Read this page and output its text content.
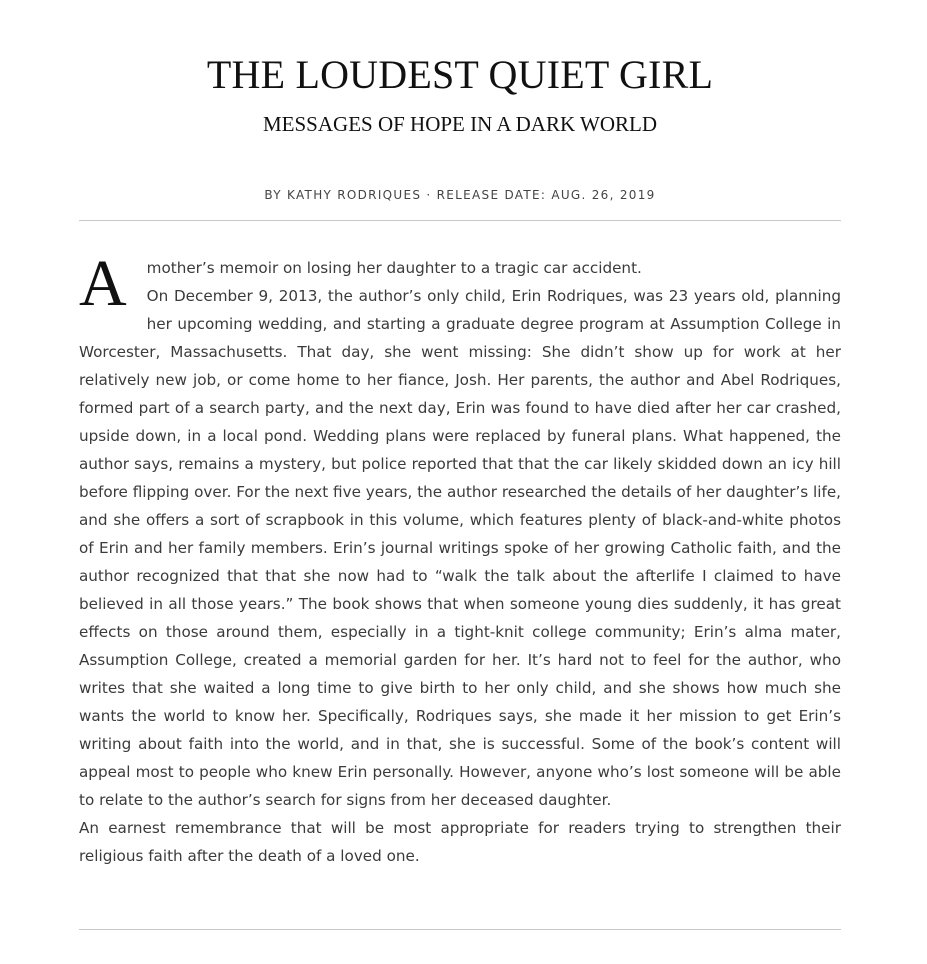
THE LOUDEST QUIET GIRL
MESSAGES OF HOPE IN A DARK WORLD
BY KATHY RODRIQUES · RELEASE DATE: AUG. 26, 2019

A	mother’s memoir on losing her daughter to a tragic car accident.

On December 9, 2013, the author’s only child, Erin Rodriques, was 23 years old, planning her upcoming wedding, and starting a graduate degree program at Assumption College in Worcester, Massachusetts. That day, she went missing: She didn’t show up for work at her relatively new job, or come home to her fiance, Josh. Her parents, the author and Abel Rodriques, formed part of a search party, and the next day, Erin was found to have died after her car crashed, upside down, in a local pond. Wedding plans were replaced by funeral plans. What happened, the author says, remains a mystery, but police reported that that the car likely skidded down an icy hill before flipping over. For the next five years, the author researched the details of her daughter’s life, and she offers a sort of scrapbook in this volume, which features plenty of black-and-white photos of Erin and her family members. Erin’s journal writings spoke of her growing Catholic faith, and the author recognized that that she now had to “walk the talk about the afterlife I claimed to have believed in all those years.” The book shows that when someone young dies suddenly, it has great effects on those around them, especially in a tight-knit college community; Erin’s alma mater, Assumption College, created a memorial garden for her. It’s hard not to feel for the author, who writes that she waited a long time to give birth to her only child, and she shows how much she wants the world to know her. Specifically, Rodriques says, she made it her mission to get Erin’s writing about faith into the world, and in that, she is successful. Some of the book’s content will appeal most to people who knew Erin personally. However, anyone who’s lost someone will be able to relate to the author’s search for signs from her deceased daughter.

An earnest remembrance that will be most appropriate for readers trying to strengthen their religious faith after the death of a loved one.
